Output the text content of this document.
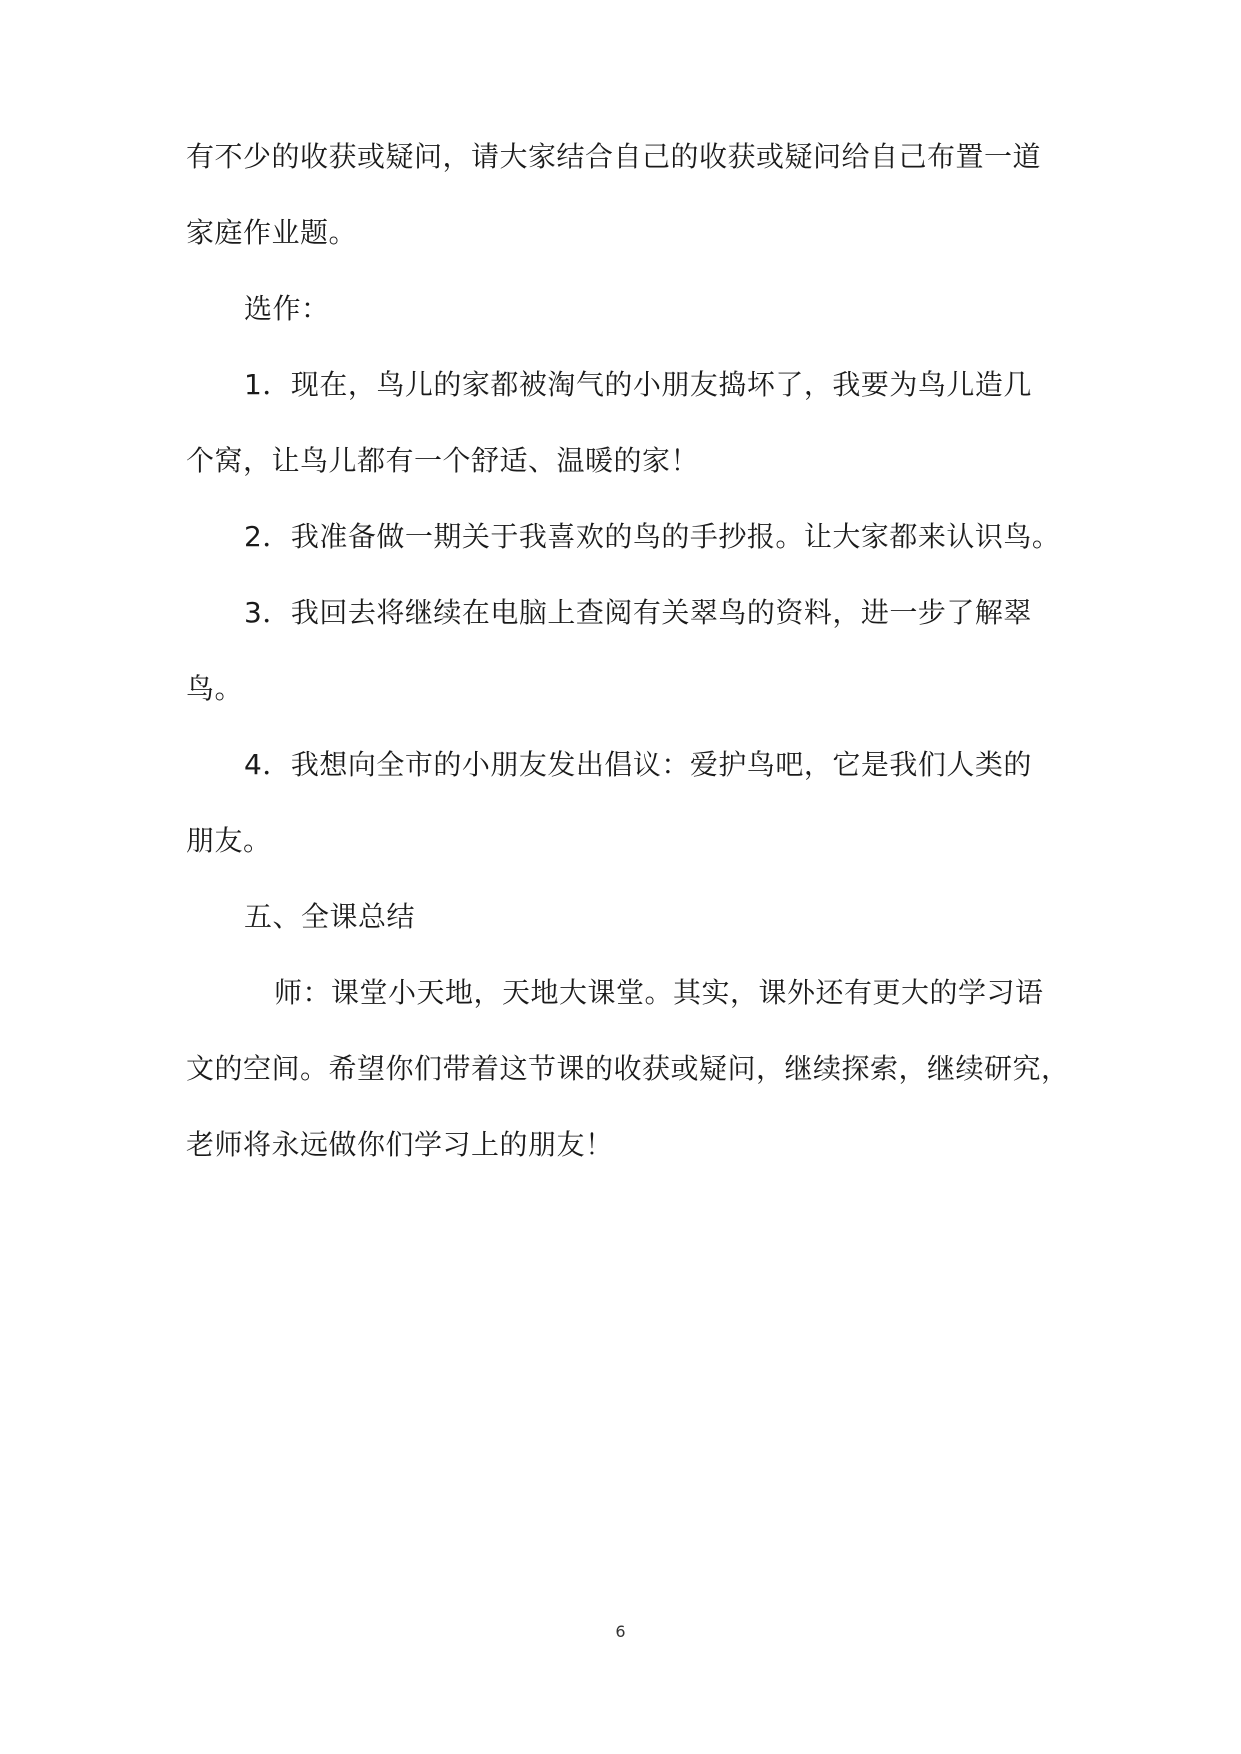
有不少的收获或疑问，请大家结合自己的收获或疑问给自己布置一道
家庭作业题。
选作：
1．现在，鸟儿的家都被淘气的小朋友捣坏了，我要为鸟儿造几
个窝，让鸟儿都有一个舒适、温暖的家！
2．我准备做一期关于我喜欢的鸟的手抄报。让大家都来认识鸟。
3．我回去将继续在电脑上查阅有关翠鸟的资料，进一步了解翠
鸟。
4．我想向全市的小朋友发出倡议：爱护鸟吧，它是我们人类的
朋友。
五、全课总结
师：课堂小天地，天地大课堂。其实，课外还有更大的学习语
文的空间。希望你们带着这节课的收获或疑问，继续探索，继续研究，
老师将永远做你们学习上的朋友！
6
